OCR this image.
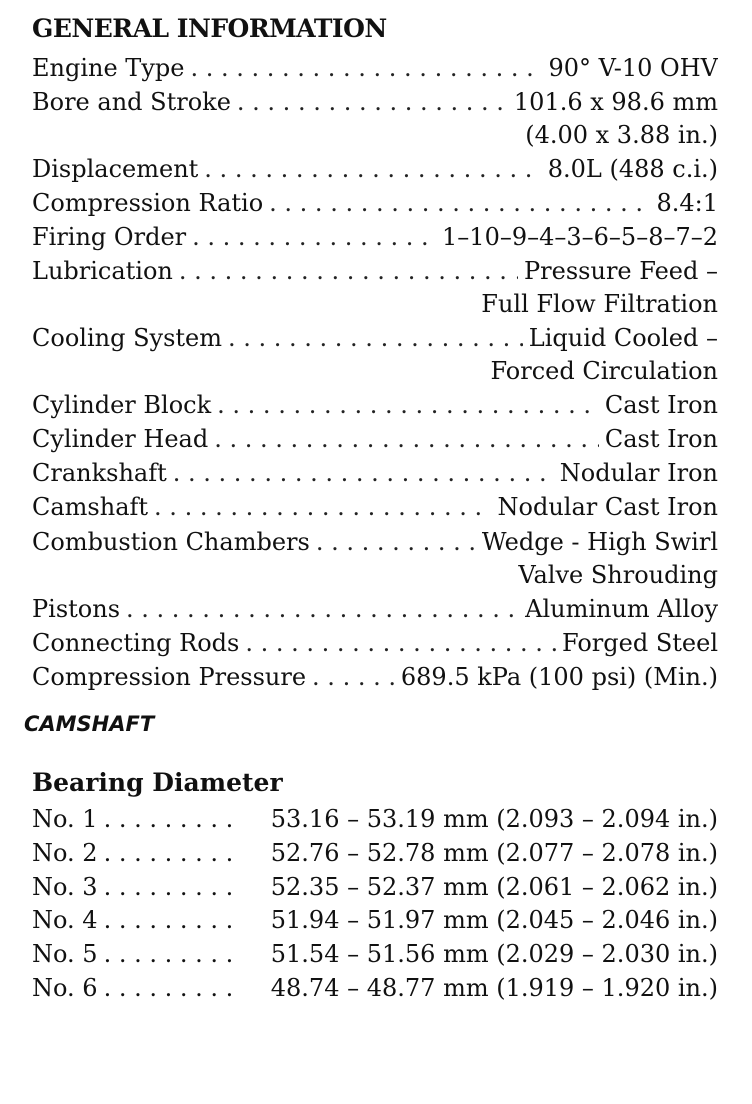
GENERAL INFORMATION
Engine Type . . .	90° V-10 OHV
Bore and Stroke . . .	101.6 x 98.6 mm
(4.00 x 3.88 in.)
Displacement . . .	8.0L (488 c.i.)
Compression Ratio . . .	8.4:1
Firing Order . . .	1–10–9–4–3–6–5–8–7–2
Lubrication . . .	Pressure Feed –
Full Flow Filtration
Cooling System . . .	Liquid Cooled –
Forced Circulation
Cylinder Block . . .	Cast Iron
Cylinder Head . . .	Cast Iron
Crankshaft . . .	Nodular Iron
Camshaft . . .	Nodular Cast Iron
Combustion Chambers . . .	Wedge - High Swirl
Valve Shrouding
Pistons . . .	Aluminum Alloy
Connecting Rods . . .	Forged Steel
Compression Pressure . . .	689.5 kPa (100 psi) (Min.)
CAMSHAFT
Bearing Diameter
No. 1 . . .	53.16 – 53.19 mm (2.093 – 2.094 in.)
No. 2 . . .	52.76 – 52.78 mm (2.077 – 2.078 in.)
No. 3 . . .	52.35 – 52.37 mm (2.061 – 2.062 in.)
No. 4 . . .	51.94 – 51.97 mm (2.045 – 2.046 in.)
No. 5 . . .	51.54 – 51.56 mm (2.029 – 2.030 in.)
No. 6 . . .	48.74 – 48.77 mm (1.919 – 1.920 in.)
